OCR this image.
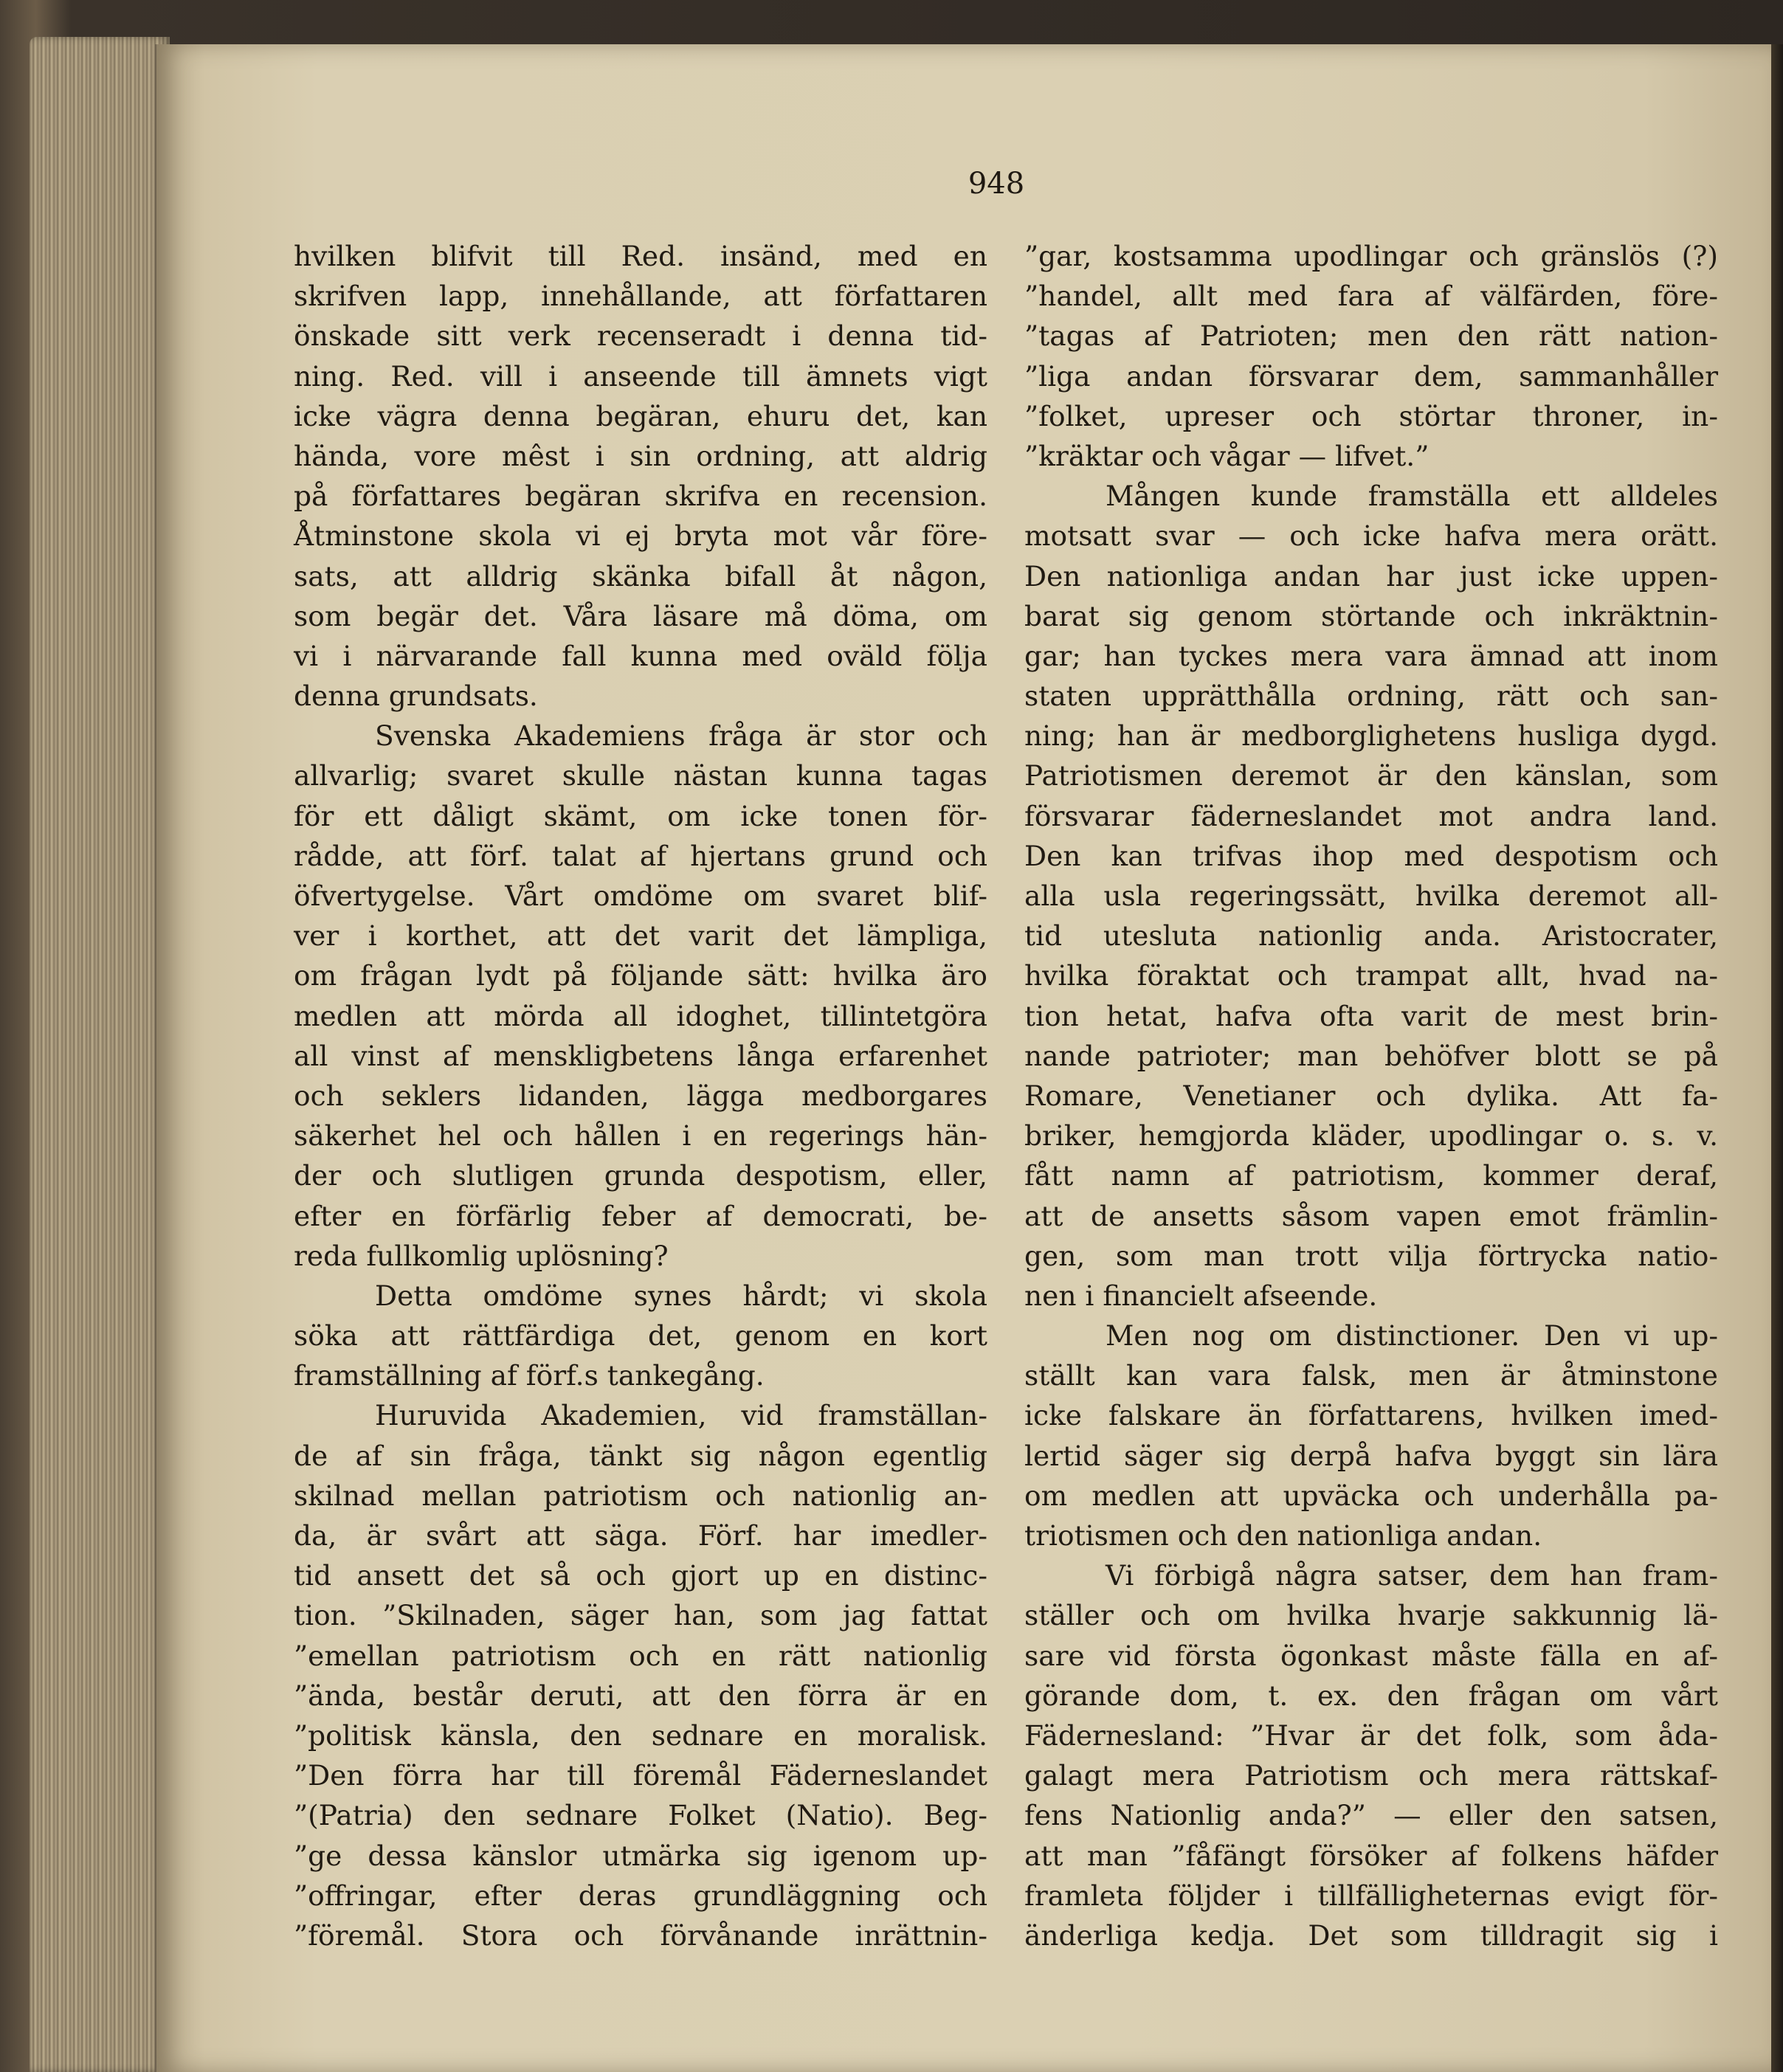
948
hvilken blifvit till Red. insänd, med en
skrifven lapp, innehållande, att författaren
önskade sitt verk recenseradt i denna tid-
ning. Red. vill i anseende till ämnets vigt
icke vägra denna begäran, ehuru det, kan
hända, vore mêst i sin ordning, att aldrig
på författares begäran skrifva en recension.
Åtminstone skola vi ej bryta mot vår före-
sats, att alldrig skänka bifall åt någon,
som begär det. Våra läsare må döma, om
vi i närvarande fall kunna med oväld följa
denna grundsats.
Svenska Akademiens fråga är stor och
allvarlig; svaret skulle nästan kunna tagas
för ett dåligt skämt, om icke tonen för-
rådde, att förf. talat af hjertans grund och
öfvertygelse. Vårt omdöme om svaret blif-
ver i korthet, att det varit det lämpliga,
om frågan lydt på följande sätt: hvilka äro
medlen att mörda all idoghet, tillintetgöra
all vinst af menskligbetens långa erfarenhet
och seklers lidanden, lägga medborgares
säkerhet hel och hållen i en regerings hän-
der och slutligen grunda despotism, eller,
efter en förfärlig feber af democrati, be-
reda fullkomlig uplösning?
Detta omdöme synes hårdt; vi skola
söka att rättfärdiga det, genom en kort
framställning af förf.s tankegång.
Huruvida Akademien, vid framställan-
de af sin fråga, tänkt sig någon egentlig
skilnad mellan patriotism och nationlig an-
da, är svårt att säga. Förf. har imedler-
tid ansett det så och gjort up en distinc-
tion. ”Skilnaden, säger han, som jag fattat
”emellan patriotism och en rätt nationlig
”ända, består deruti, att den förra är en
”politisk känsla, den sednare en moralisk.
”Den förra har till föremål Fäderneslandet
”(Patria) den sednare Folket (Natio). Beg-
”ge dessa känslor utmärka sig igenom up-
”offringar, efter deras grundläggning och
”föremål. Stora och förvånande inrättnin-
”gar, kostsamma upodlingar och gränslös (?)
”handel, allt med fara af välfärden, före-
”tagas af Patrioten; men den rätt nation-
”liga andan försvarar dem, sammanhåller
”folket, upreser och störtar throner, in-
”kräktar och vågar — lifvet.”
Mången kunde framställa ett alldeles
motsatt svar — och icke hafva mera orätt.
Den nationliga andan har just icke uppen-
barat sig genom störtande och inkräktnin-
gar; han tyckes mera vara ämnad att inom
staten upprätthålla ordning, rätt och san-
ning; han är medborglighetens husliga dygd.
Patriotismen deremot är den känslan, som
försvarar fäderneslandet mot andra land.
Den kan trifvas ihop med despotism och
alla usla regeringssätt, hvilka deremot all-
tid utesluta nationlig anda. Aristocrater,
hvilka föraktat och trampat allt, hvad na-
tion hetat, hafva ofta varit de mest brin-
nande patrioter; man behöfver blott se på
Romare, Venetianer och dylika. Att fa-
briker, hemgjorda kläder, upodlingar o. s. v.
fått namn af patriotism, kommer deraf,
att de ansetts såsom vapen emot främlin-
gen, som man trott vilja förtrycka natio-
nen i financielt afseende.
Men nog om distinctioner. Den vi up-
ställt kan vara falsk, men är åtminstone
icke falskare än författarens, hvilken imed-
lertid säger sig derpå hafva byggt sin lära
om medlen att upväcka och underhålla pa-
triotismen och den nationliga andan.
Vi förbigå några satser, dem han fram-
ställer och om hvilka hvarje sakkunnig lä-
sare vid första ögonkast måste fälla en af-
görande dom, t. ex. den frågan om vårt
Fädernesland: ”Hvar är det folk, som åda-
galagt mera Patriotism och mera rättskaf-
fens Nationlig anda?” — eller den satsen,
att man ”fåfängt försöker af folkens häfder
framleta följder i tillfälligheternas evigt för-
änderliga kedja. Det som tilldragit sig i
